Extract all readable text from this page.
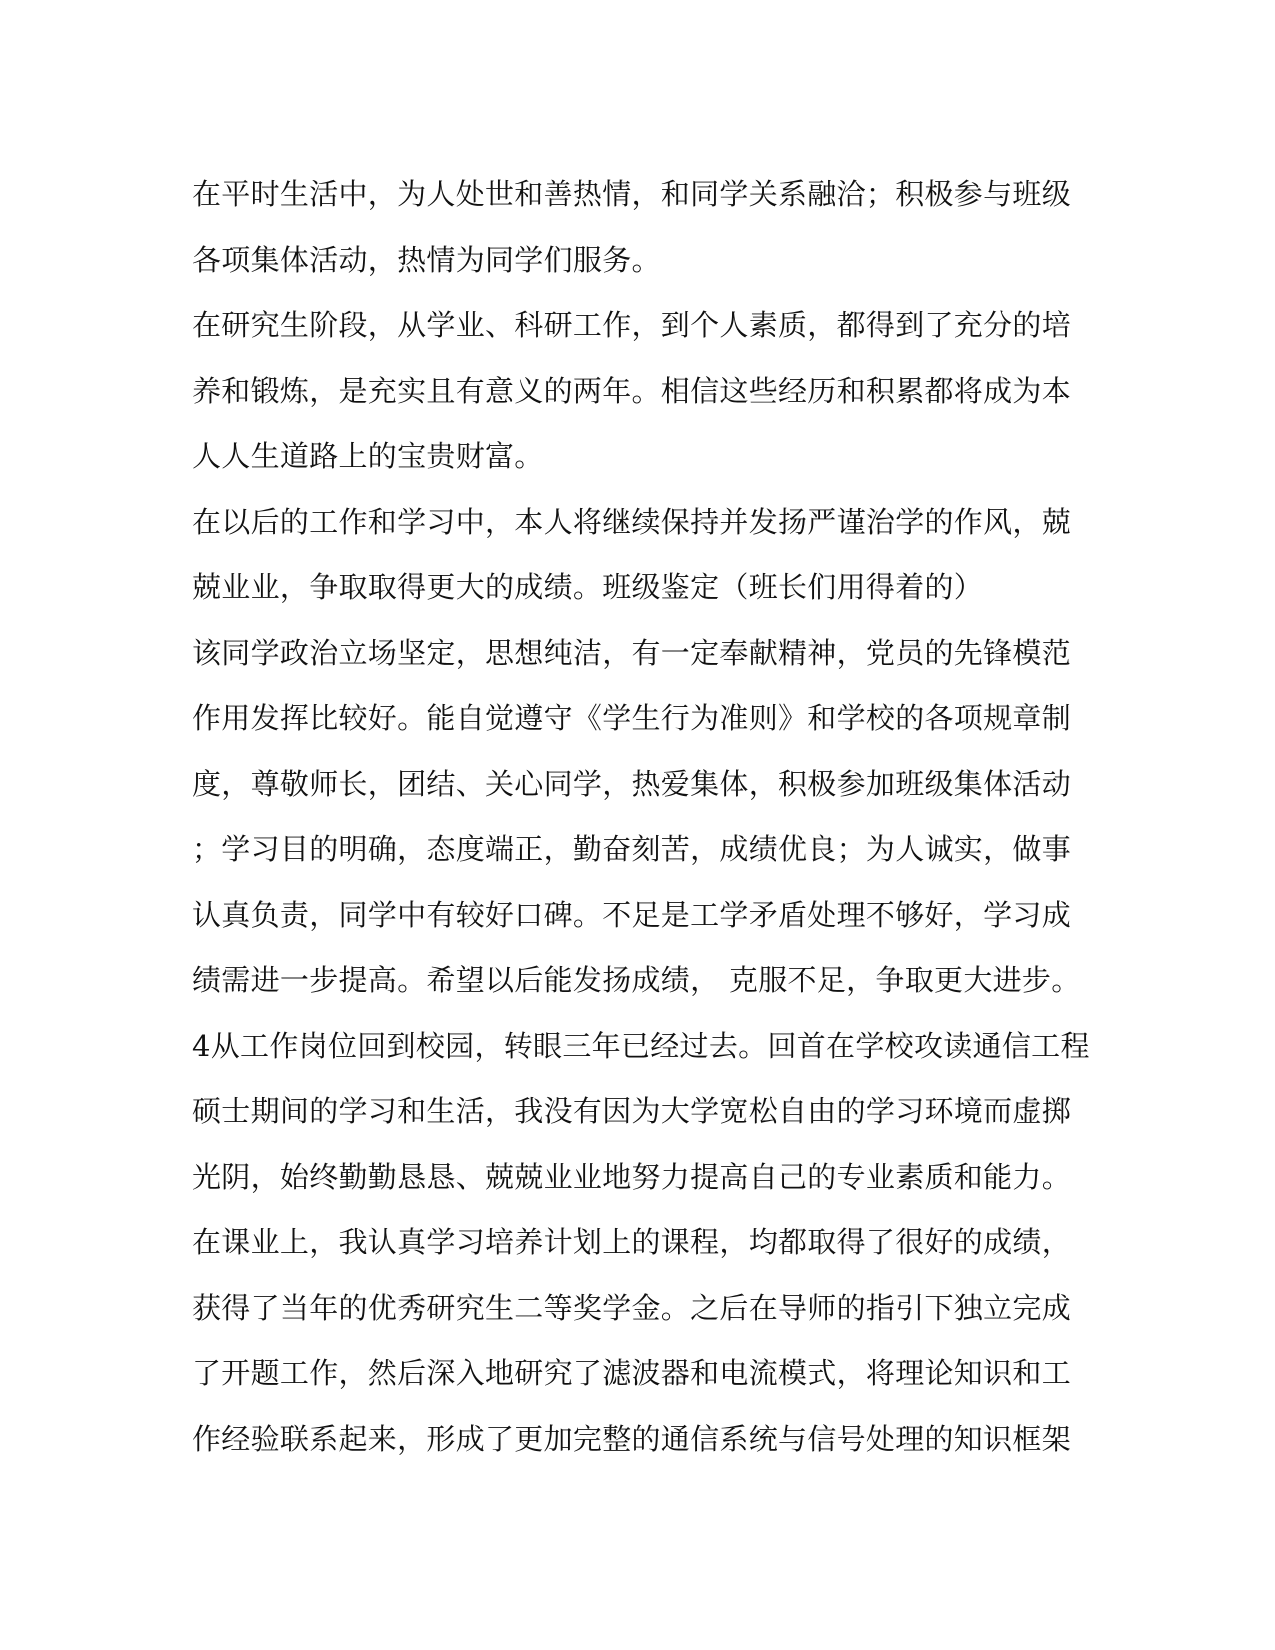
在平时生活中，为人处世和善热情，和同学关系融洽；积极参与班级
各项集体活动，热情为同学们服务。
在研究生阶段，从学业、科研工作，到个人素质，都得到了充分的培
养和锻炼，是充实且有意义的两年。相信这些经历和积累都将成为本
人人生道路上的宝贵财富。
在以后的工作和学习中，本人将继续保持并发扬严谨治学的作风，兢
兢业业，争取取得更大的成绩。班级鉴定（班长们用得着的）
该同学政治立场坚定，思想纯洁，有一定奉献精神，党员的先锋模范
作用发挥比较好。能自觉遵守《学生行为准则》和学校的各项规章制
度，尊敬师长，团结、关心同学，热爱集体，积极参加班级集体活动
；学习目的明确，态度端正，勤奋刻苦，成绩优良；为人诚实，做事
认真负责，同学中有较好口碑。不足是工学矛盾处理不够好，学习成
绩需进一步提高。希望以后能发扬成绩， 克服不足，争取更大进步。
4从工作岗位回到校园，转眼三年已经过去。回首在学校攻读通信工程
硕士期间的学习和生活，我没有因为大学宽松自由的学习环境而虚掷
光阴，始终勤勤恳恳、兢兢业业地努力提高自己的专业素质和能力。
在课业上，我认真学习培养计划上的课程，均都取得了很好的成绩，
获得了当年的优秀研究生二等奖学金。之后在导师的指引下独立完成
了开题工作，然后深入地研究了滤波器和电流模式，将理论知识和工
作经验联系起来，形成了更加完整的通信系统与信号处理的知识框架
